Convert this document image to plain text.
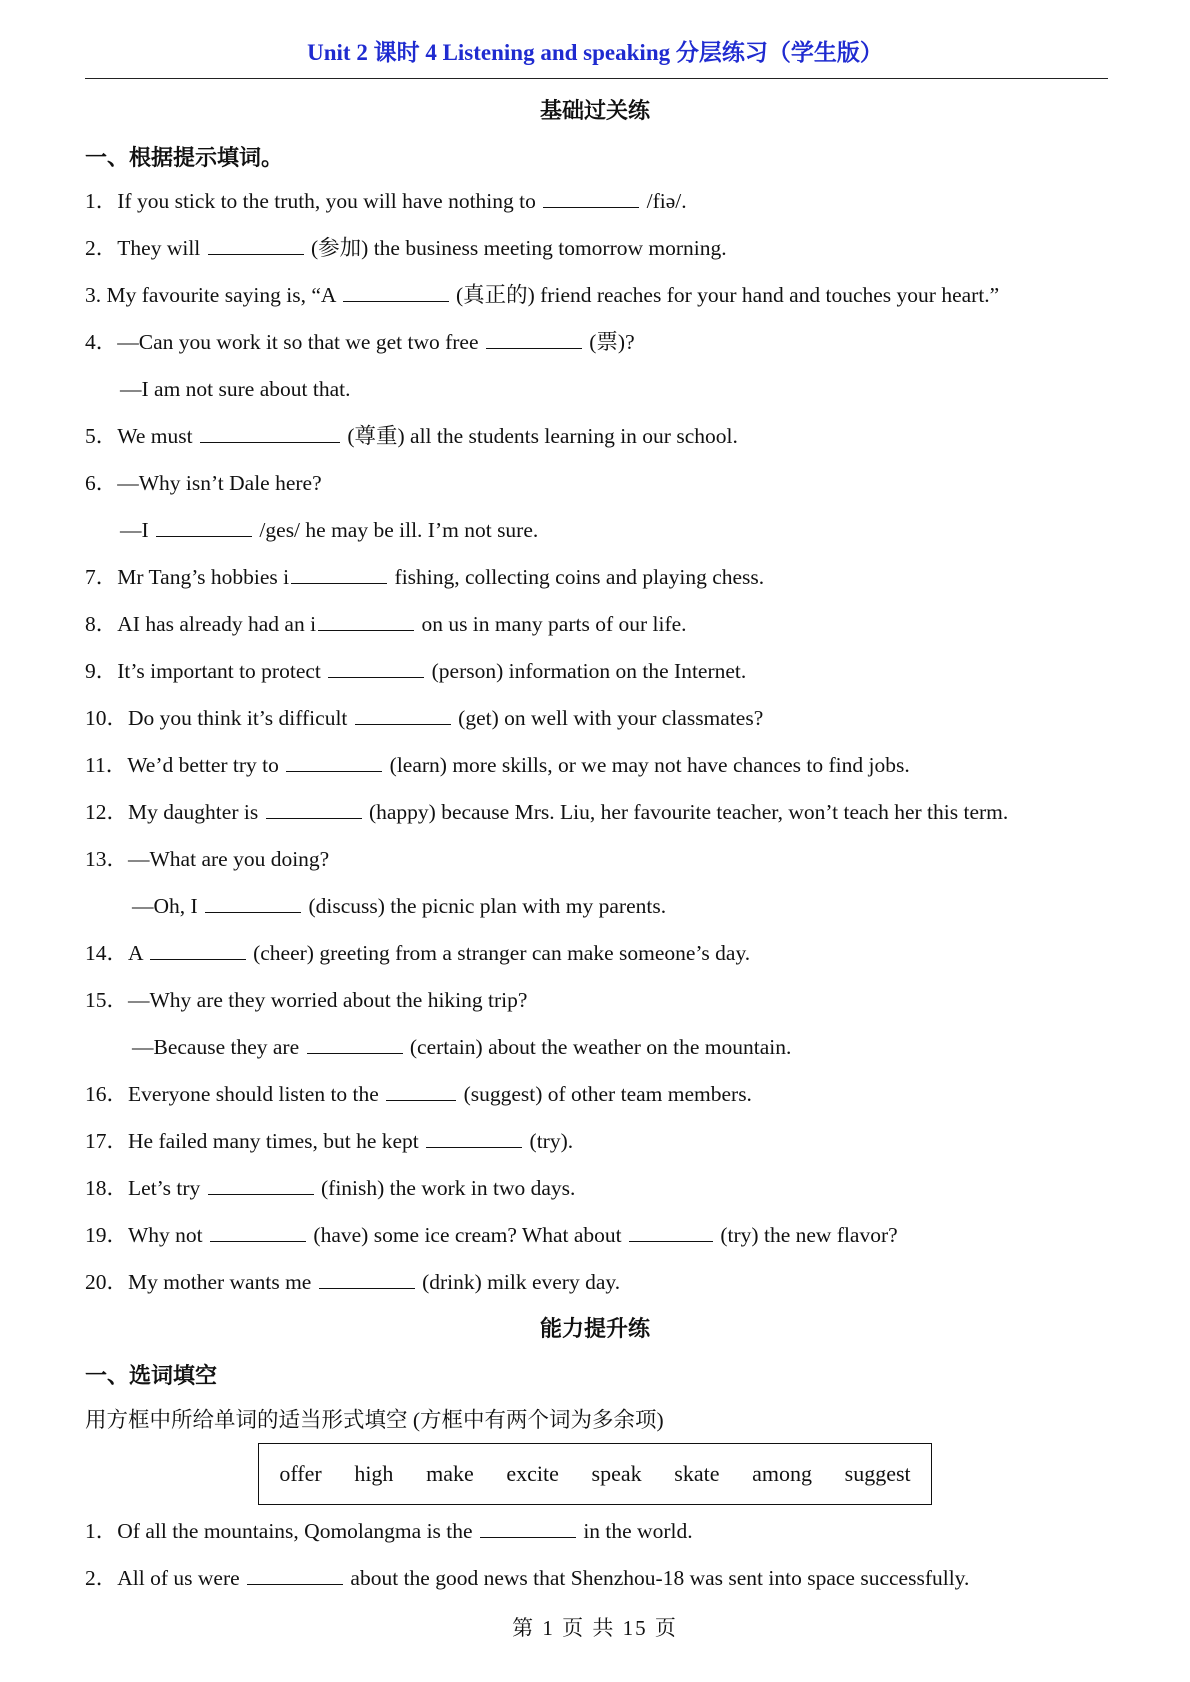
Unit 2 课时 4 Listening and speaking 分层练习（学生版）
基础过关练
一、根据提示填词。
1．If you stick to the truth, you will have nothing to	/fiə/.
2．They will	(参加) the business meeting tomorrow morning.
3. My favourite saying is, “A	(真正的) friend reaches for your hand and touches your heart.”
4．—Can you work it so that we get two free	(票)?
—I am not sure about that.
5．We must	(尊重) all the students learning in our school.
6．—Why isn’t Dale here?
—I	/ges/ he may be ill. I’m not sure.
7．Mr Tang’s hobbies i	fishing, collecting coins and playing chess.
8．AI has already had an i	on us in many parts of our life.
9．It’s important to protect	(person) information on the Internet.
10．Do you think it’s difficult	(get) on well with your classmates?
11．We’d better try to	(learn) more skills, or we may not have chances to find jobs.
12．My daughter is	(happy) because Mrs. Liu, her favourite teacher, won’t teach her this term.
13．—What are you doing?
—Oh, I	(discuss) the picnic plan with my parents.
14．A	(cheer) greeting from a stranger can make someone’s day.
15．—Why are they worried about the hiking trip?
—Because they are	(certain) about the weather on the mountain.
16．Everyone should listen to the	(suggest) of other team members.
17．He failed many times, but he kept	(try).
18．Let’s try	(finish) the work in two days.
19．Why not	(have) some ice cream? What about	(try) the new flavor?
20．My mother wants me	(drink) milk every day.
能力提升练
一、选词填空
用方框中所给单词的适当形式填空 (方框中有两个词为多余项)
offer high make excite speak skate among suggest
1．Of all the mountains, Qomolangma is the	in the world.
2．All of us were	about the good news that Shenzhou-18 was sent into space successfully.
第 1 页 共 15 页
